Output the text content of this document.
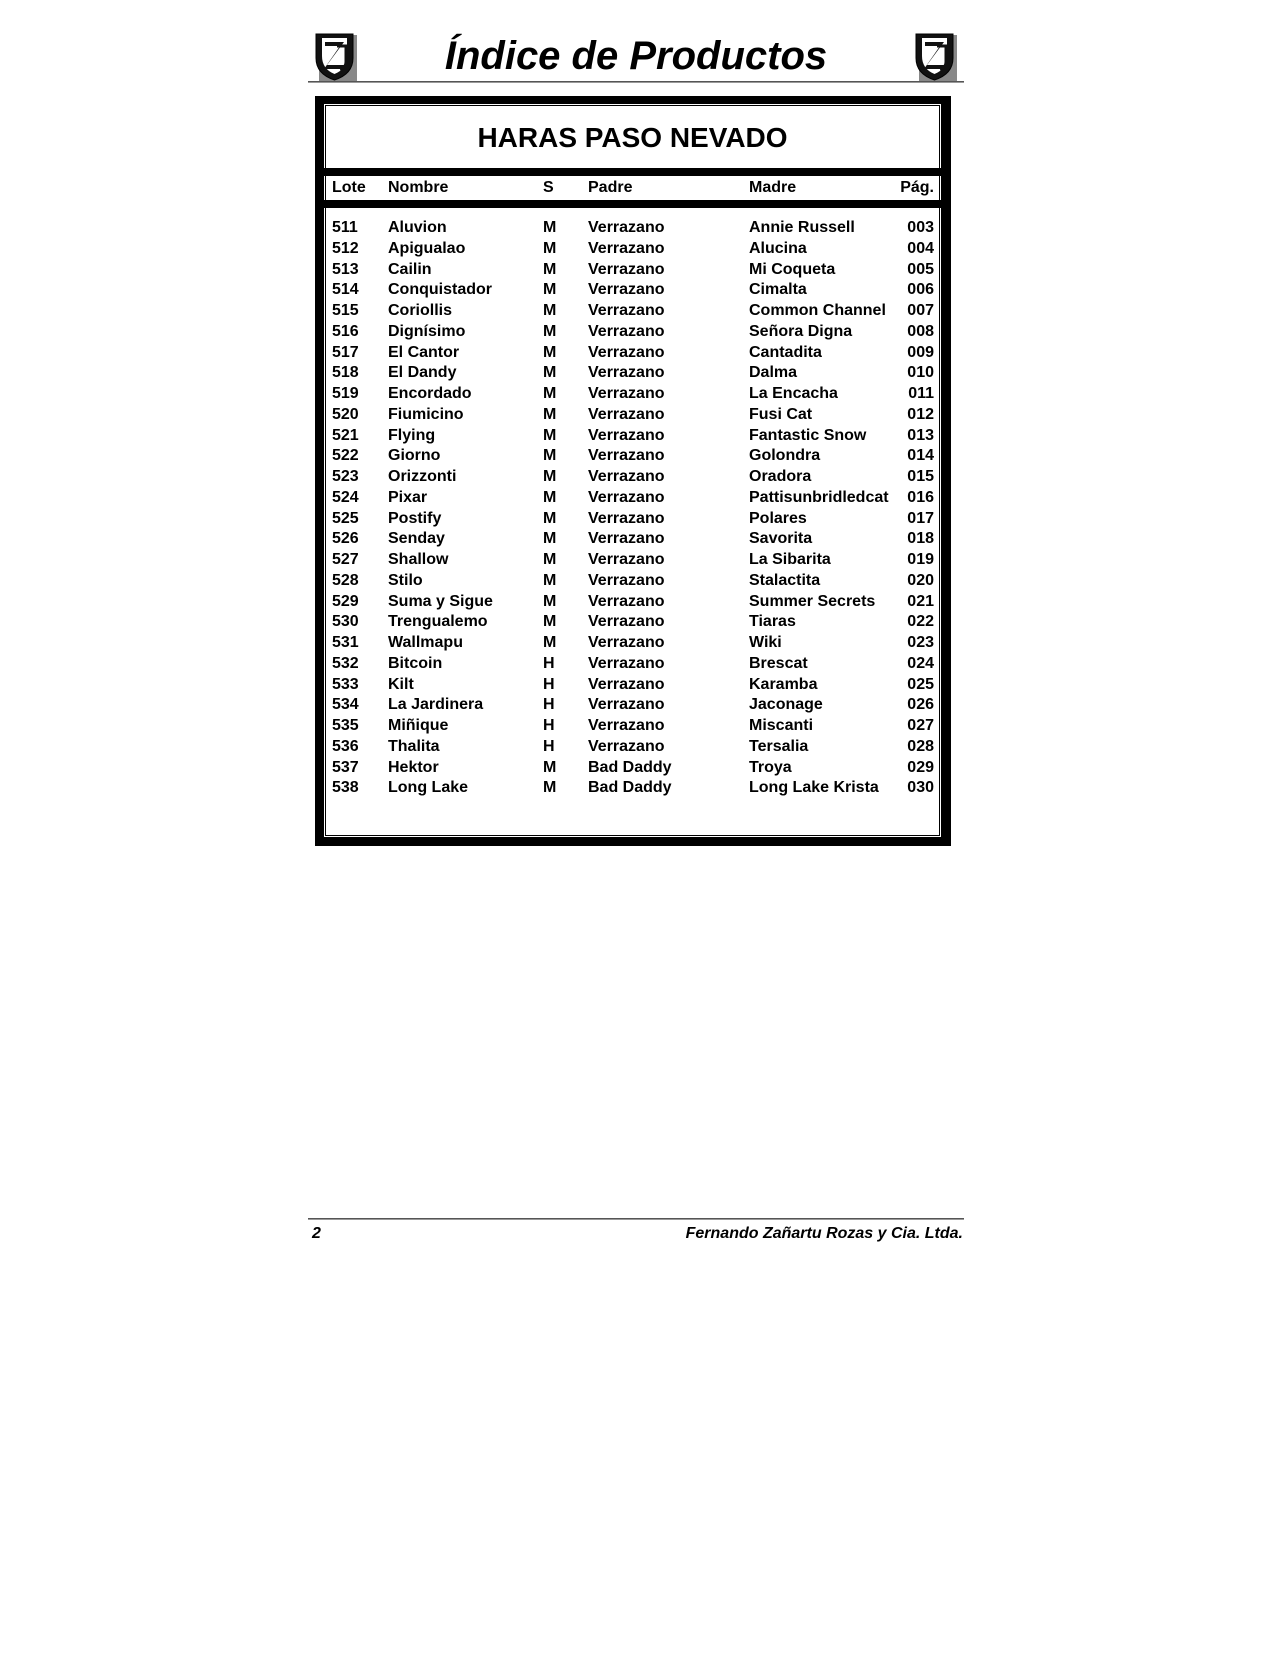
Índice de Productos
HARAS PASO NEVADO
Lote Nombre	S Padre	Madre	Pág.
511 Aluvion	M Verrazano	Annie Russell	003
512 Apigualao	M Verrazano	Alucina	004
513 Cailin	M Verrazano	Mi Coqueta	005
514 Conquistador	M Verrazano	Cimalta	006
515 Coriollis	M Verrazano	Common Channel 007
516 Dignísimo	M Verrazano	Señora Digna	008
517 El Cantor	M Verrazano	Cantadita	009
518 El Dandy	M Verrazano	Dalma	010
519 Encordado	M Verrazano	La Encacha	011
520 Fiumicino	M Verrazano	Fusi Cat	012
521 Flying	M Verrazano	Fantastic Snow	013
522 Giorno	M Verrazano	Golondra	014
523 Orizzonti	M Verrazano	Oradora	015
524 Pixar	M Verrazano	Pattisunbridledcat 016
525 Postify	M Verrazano	Polares	017
526 Senday	M Verrazano	Savorita	018
527 Shallow	M Verrazano	La Sibarita	019
528 Stilo	M Verrazano	Stalactita	020
529 Suma y Sigue	M Verrazano	Summer Secrets 021
530 Trengualemo	M Verrazano	Tiaras	022
531 Wallmapu	M Verrazano	Wiki	023
532 Bitcoin	H Verrazano	Brescat	024
533 Kilt	H Verrazano	Karamba	025
534 La Jardinera	H Verrazano	Jaconage	026
535 Miñique	H Verrazano	Miscanti	027
536 Thalita	H Verrazano	Tersalia	028
537 Hektor	M Bad Daddy	Troya	029
538 Long Lake	M Bad Daddy	Long Lake Krista 030
2	Fernando Zañartu Rozas y Cia. Ltda.
